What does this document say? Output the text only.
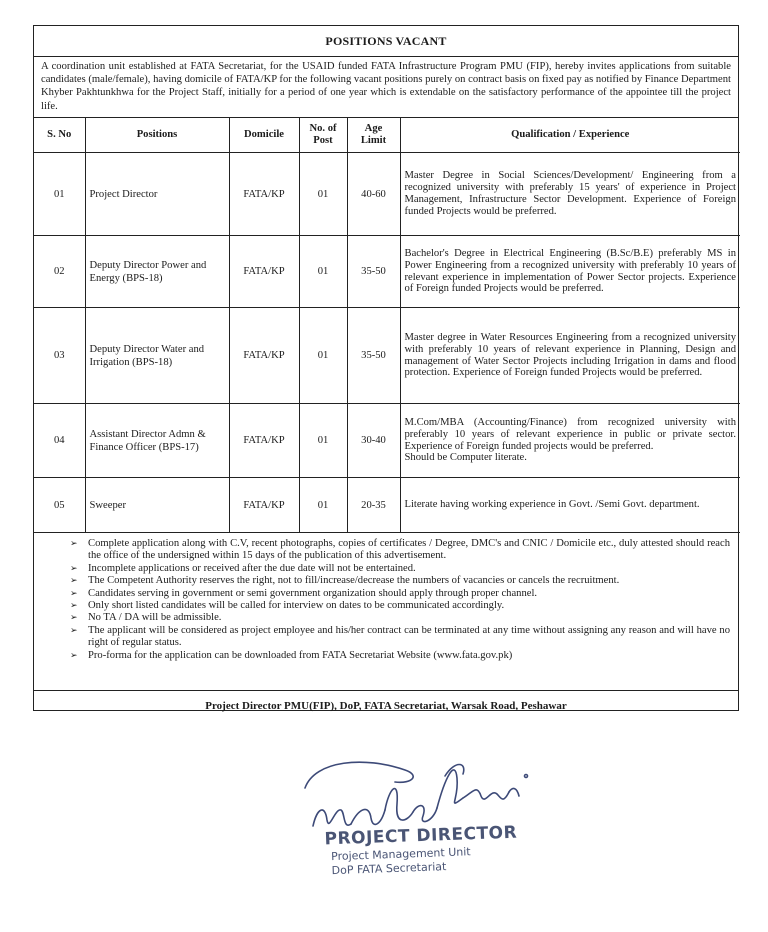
POSITIONS VACANT
A coordination unit established at FATA Secretariat, for the USAID funded FATA Infrastructure Program PMU (FIP), hereby invites applications from suitable candidates (male/female), having domicile of FATA/KP for the following vacant positions purely on contract basis on fixed pay as notified by Finance Department Khyber Pakhtunkhwa for the Project Staff, initially for a period of one year which is extendable on the satisfactory performance of the appointee till the project life.
S. No	Positions	Domicile	No. of Post	Age Limit	Qualification / Experience
01	Project Director	FATA/KP	01	40-60	Master Degree in Social Sciences/Development/ Engineering from a recognized university with preferably 15 years' of experience in Project Management, Infrastructure Sector Development. Experience of Foreign funded Projects would be preferred.
02	Deputy Director Power and Energy (BPS-18)	FATA/KP	01	35-50	Bachelor's Degree in Electrical Engineering (B.Sc/B.E) preferably MS in Power Engineering from a recognized university with preferably 10 years of relevant experience in implementation of Power Sector projects. Experience of Foreign funded Projects would be preferred.
03	Deputy Director Water and Irrigation (BPS-18)	FATA/KP	01	35-50	Master degree in Water Resources Engineering from a recognized university with preferably 10 years of relevant experience in Planning, Design and management of Water Sector Projects including Irrigation in dams and flood protection. Experience of Foreign funded Projects would be preferred.
04	Assistant Director Admn & Finance Officer (BPS-17)	FATA/KP	01	30-40	M.Com/MBA (Accounting/Finance) from recognized university with preferably 10 years of relevant experience in public or private sector. Experience of Foreign funded projects would be preferred.
Should be Computer literate.
05	Sweeper	FATA/KP	01	20-35	Literate having working experience in Govt. /Semi Govt. department.
➢ Complete application along with C.V, recent photographs, copies of certificates / Degree, DMC's and CNIC / Domicile etc., duly attested should reach the office of the undersigned within 15 days of the publication of this advertisement.
➢ Incomplete applications or received after the due date will not be entertained.
➢ The Competent Authority reserves the right, not to fill/increase/decrease the numbers of vacancies or cancels the recruitment.
➢ Candidates serving in government or semi government organization should apply through proper channel.
➢ Only short listed candidates will be called for interview on dates to be communicated accordingly.
➢ No TA / DA will be admissible.
➢ The applicant will be considered as project employee and his/her contract can be terminated at any time without assigning any reason and will have no right of regular status.
➢ Pro-forma for the application can be downloaded from FATA Secretariat Website (www.fata.gov.pk)
Project Director PMU(FIP), DoP, FATA Secretariat, Warsak Road, Peshawar
PROJECT DIRECTOR
Project Management Unit
DoP FATA Secretariat
